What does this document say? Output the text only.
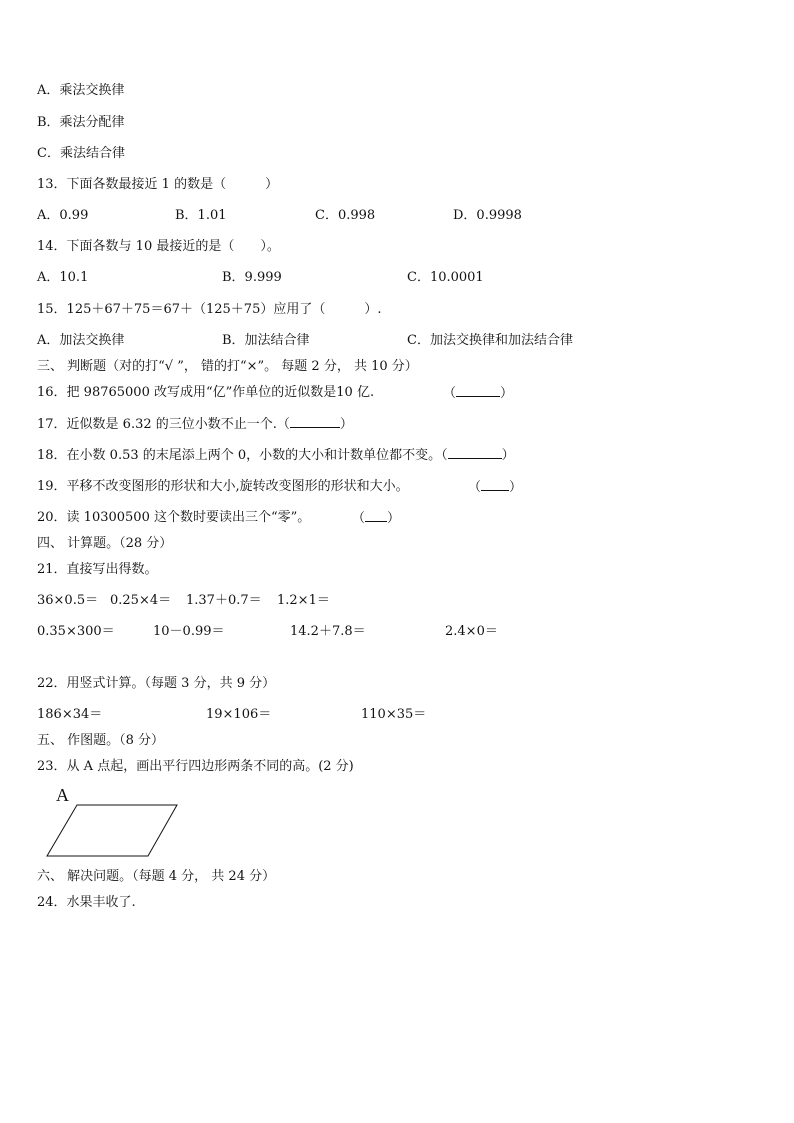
A．乘法交换律
B．乘法分配律
C．乘法结合律
13．下面各数最接近 1 的数是（　　　）
A．0.99	B．1.01	C．0.998	D．0.9998
14．下面各数与 10 最接近的是（　　）。
A．10.1	B．9.999	C．10.0001
15．125＋67＋75＝67＋（125＋75）应用了（　　　）.
A．加法交换律	B．加法结合律	C．加法交换律和加法结合律
三、 判断题（对的打“√ ”， 错的打“×”。 每题 2 分， 共 10 分）
16．把 98765000 改写成用“亿”作单位的近似数是10 亿.	（	）
17．近似数是 6.32 的三位小数不止一个.（	）
18．在小数 0.53 的末尾添上两个 0，小数的大小和计数单位都不变。（	）
19．平移不改变图形的形状和大小,旋转改变图形的形状和大小。	（ ）
20．读 10300500 这个数时要读出三个“零”。	（ ）
四、 计算题。（28 分）
21．直接写出得数。
36×0.5＝ 0.25×4＝ 1.37＋0.7＝ 1.2×1＝
0.35×300＝	10－0.99＝	14.2＋7.8＝	2.4×0＝
22．用竖式计算。（每题 3 分，共 9 分）
186×34＝	19×106＝	110×35＝
五、 作图题。（8 分）
23．从 A 点起，画出平行四边形两条不同的高。(2 分)
A
六、 解决问题。（每题 4 分， 共 24 分）
24．水果丰收了.
